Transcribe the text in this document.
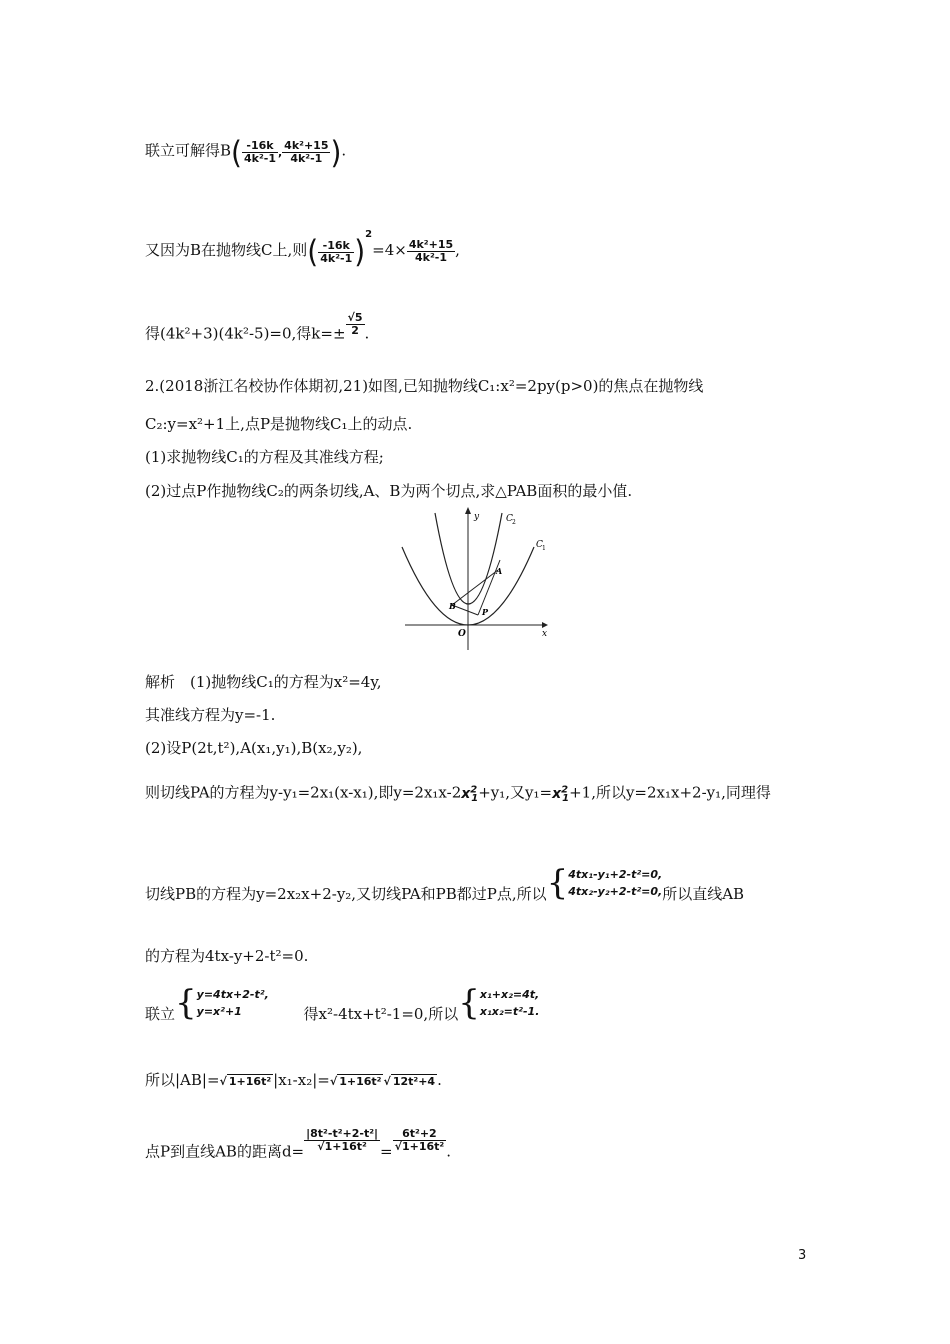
联立可解得$B( \frac{-16k}{\text{4k²-1}}$ , $\frac{\text{4k²+15}}{\text{4k²-1}}$ ).
又因为B在抛物线C上,则( $\frac{-16k}{\text{4k²-1}} )^2=4\times \frac{\text{4k²+15}}{\text{4k²-1}}$ ,
得(4k²+3)(4k²-5)=0,得$k=\pm \frac{√5}{2}$ .
2.(2018浙江名校协作体期初,21)如图,已知抛物线C₁:x²=2py(p>0)的焦点在抛物线
C₂:y=x²+1上,点P是抛物线C₁上的动点.
(1)求抛物线C₁的方程及其准线方程;
(2)过点P作抛物线C₂的两条切线,A、B为两个切点,求△PAB面积的最小值.
y
x
O
C 1
C 2
A
B
P
解析　(1)抛物线C₁的方程为x²=4y,
其准线方程为y=-1.
(2)设P(2t,t²),A(x₁,y₁),B(x₂,y₂),
则切线PA的方程为y-y₁=2x₁(x-x₁),即$y=2x_1x-2x^2_1+y_1$,又$y_1=x^2_1+1$,所以y=2x₁x+2-y₁,同理得
切线PB的方程为y=2x₂x+2-y₂,又切线PA和PB都过P点,所以{ 4tx₁-y₁+2-t²=0,
4tx₂-y₂+2-t²=0, 所以直线AB
的方程为4tx-y+2-t²=0.
联立{ y=4tx+2-t²,
y=x²+1	得x²-4tx+t²-1=0,所以{ x₁+x₂=4t,
x₁x₂=t²-1.
所以|AB|=√ 1+16t² |x₁-x₂|=√ 1+16t² √ 12t²+4 .
点P到直线AB的距离$d= \frac{\text{|8t²-t²+2-t²|}}{\text{√1+16t²}} = \frac{\text{6t²+2}}{\text{√1+16t²}}$ .
3
